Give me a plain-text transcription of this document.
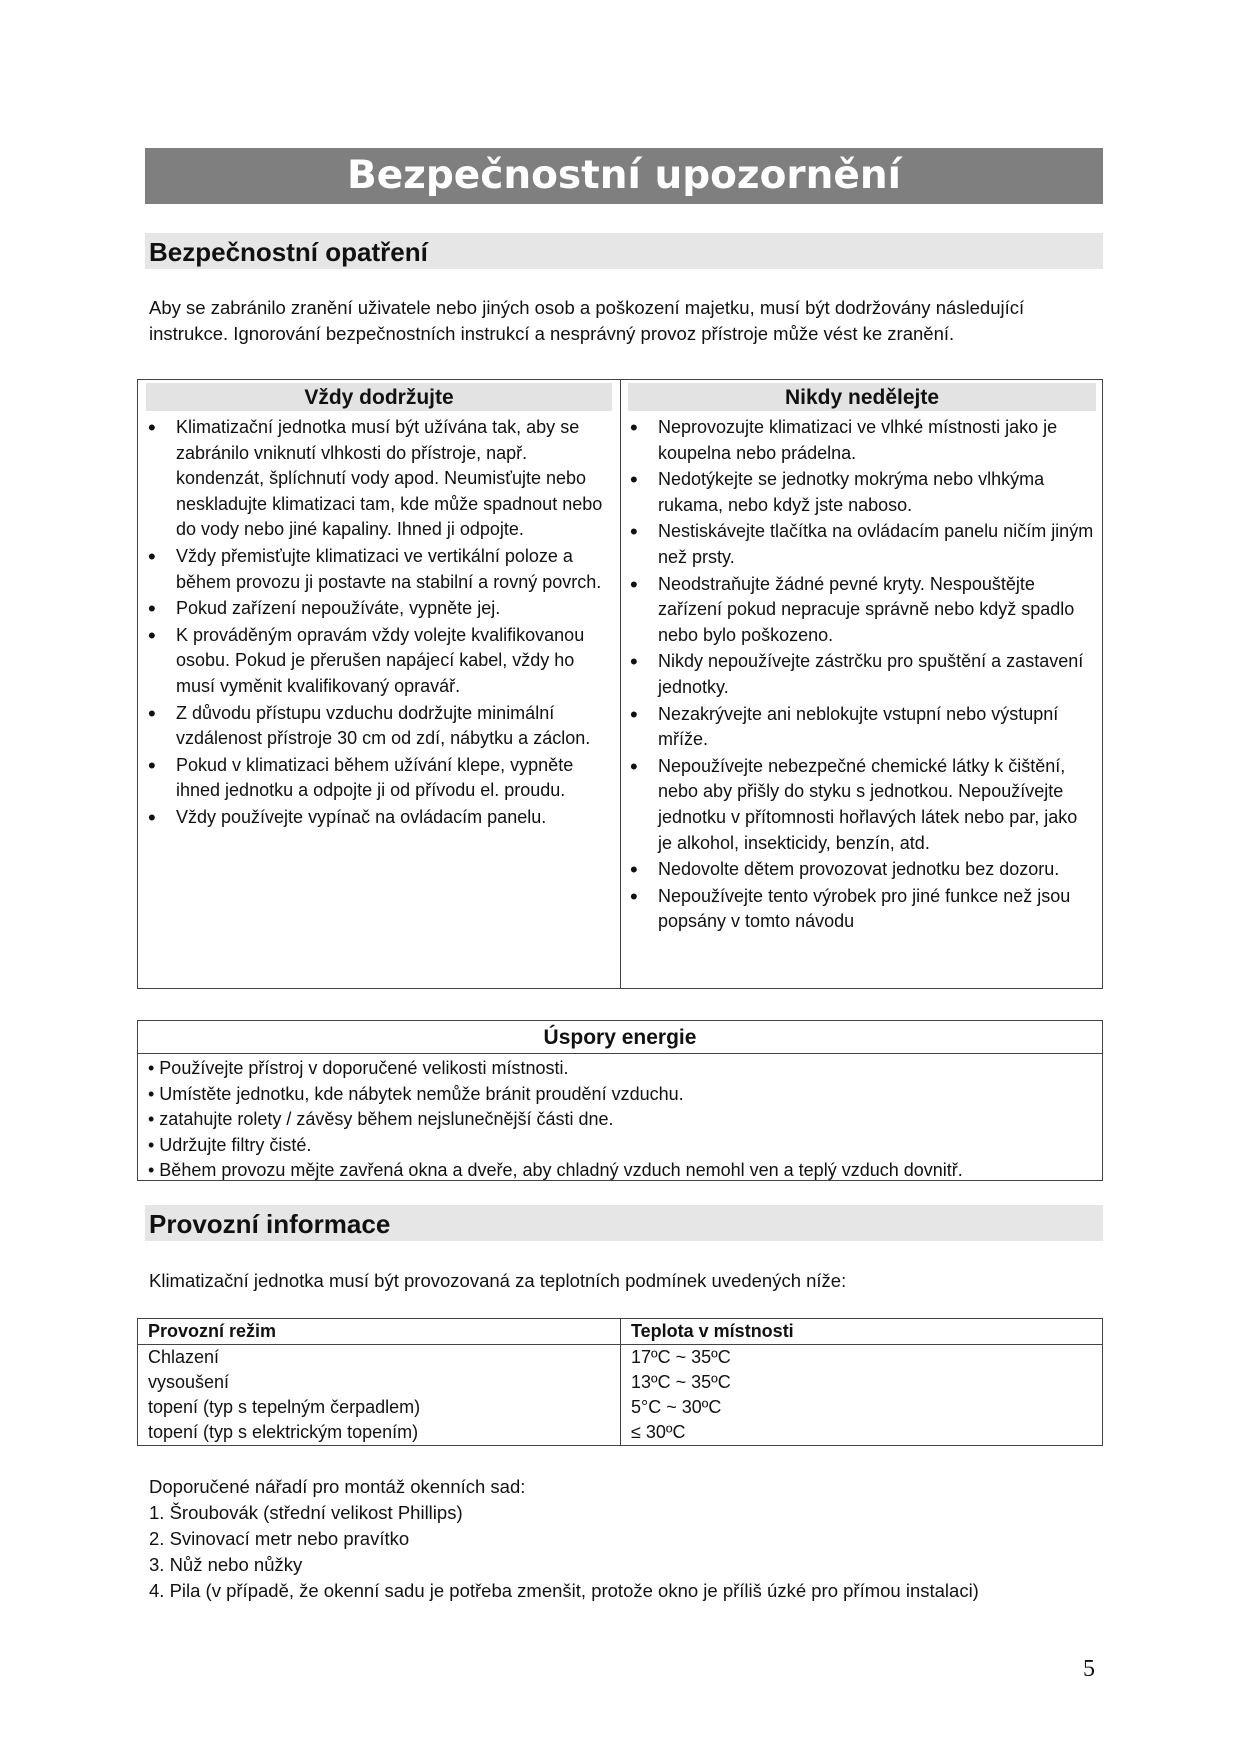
Bezpečnostní upozornění
Bezpečnostní opatření

Aby se zabránilo zranění uživatele nebo jiných osob a poškození majetku, musí být dodržovány následující instrukce. Ignorování bezpečnostních instrukcí a nesprávný provoz přístroje může vést ke zranění.

Vždy dodržujte
• Klimatizační jednotka musí být užívána tak, aby se zabránilo vniknutí vlhkosti do přístroje, např. kondenzát, šplíchnutí vody apod. Neumisťujte nebo neskladujte klimatizaci tam, kde může spadnout nebo do vody nebo jiné kapaliny. Ihned ji odpojte.
• Vždy přemisťujte klimatizaci ve vertikální poloze a během provozu ji postavte na stabilní a rovný povrch.
• Pokud zařízení nepoužíváte, vypněte jej.
• K prováděným opravám vždy volejte kvalifikovanou osobu. Pokud je přerušen napájecí kabel, vždy ho musí vyměnit kvalifikovaný opravář.
• Z důvodu přístupu vzduchu dodržujte minimální vzdálenost přístroje 30 cm od zdí, nábytku a záclon.
• Pokud v klimatizaci během užívání klepe, vypněte ihned jednotku a odpojte ji od přívodu el. proudu.
• Vždy používejte vypínač na ovládacím panelu.
Nikdy nedělejte
• Neprovozujte klimatizaci ve vlhké místnosti jako je koupelna nebo prádelna.
• Nedotýkejte se jednotky mokrýma nebo vlhkýma rukama, nebo když jste naboso.
• Nestiskávejte tlačítka na ovládacím panelu ničím jiným než prsty.
• Neodstraňujte žádné pevné kryty. Nespouštějte zařízení pokud nepracuje správně nebo když spadlo nebo bylo poškozeno.
• Nikdy nepoužívejte zástrčku pro spuštění a zastavení jednotky.
• Nezakrývejte ani neblokujte vstupní nebo výstupní mříže.
• Nepoužívejte nebezpečné chemické látky k čištění, nebo aby přišly do styku s jednotkou. Nepoužívejte jednotku v přítomnosti hořlavých látek nebo par, jako je alkohol, insekticidy, benzín, atd.
• Nedovolte dětem provozovat jednotku bez dozoru.
• Nepoužívejte tento výrobek pro jiné funkce než jsou popsány v tomto návodu
Úspory energie
• Používejte přístroj v doporučené velikosti místnosti.
• Umístěte jednotku, kde nábytek nemůže bránit proudění vzduchu.
• zatahujte rolety / závěsy během nejslunečnější části dne.
• Udržujte filtry čisté.
• Během provozu mějte zavřená okna a dveře, aby chladný vzduch nemohl ven a teplý vzduch dovnitř.
Provozní informace

Klimatizační jednotka musí být provozovaná za teplotních podmínek uvedených níže:

Provozní režim	Teplota v místnosti
Chlazení	17ºC ~ 35ºC
vysoušení	13ºC ~ 35ºC
topení (typ s tepelným čerpadlem)	5°C ~ 30ºC
topení (typ s elektrickým topením)	≤ 30ºC
Doporučené nářadí pro montáž okenních sad:
1. Šroubovák (střední velikost Phillips)
2. Svinovací metr nebo pravítko
3. Nůž nebo nůžky
4. Pila (v případě, že okenní sadu je potřeba zmenšit, protože okno je příliš úzké pro přímou instalaci)
5
